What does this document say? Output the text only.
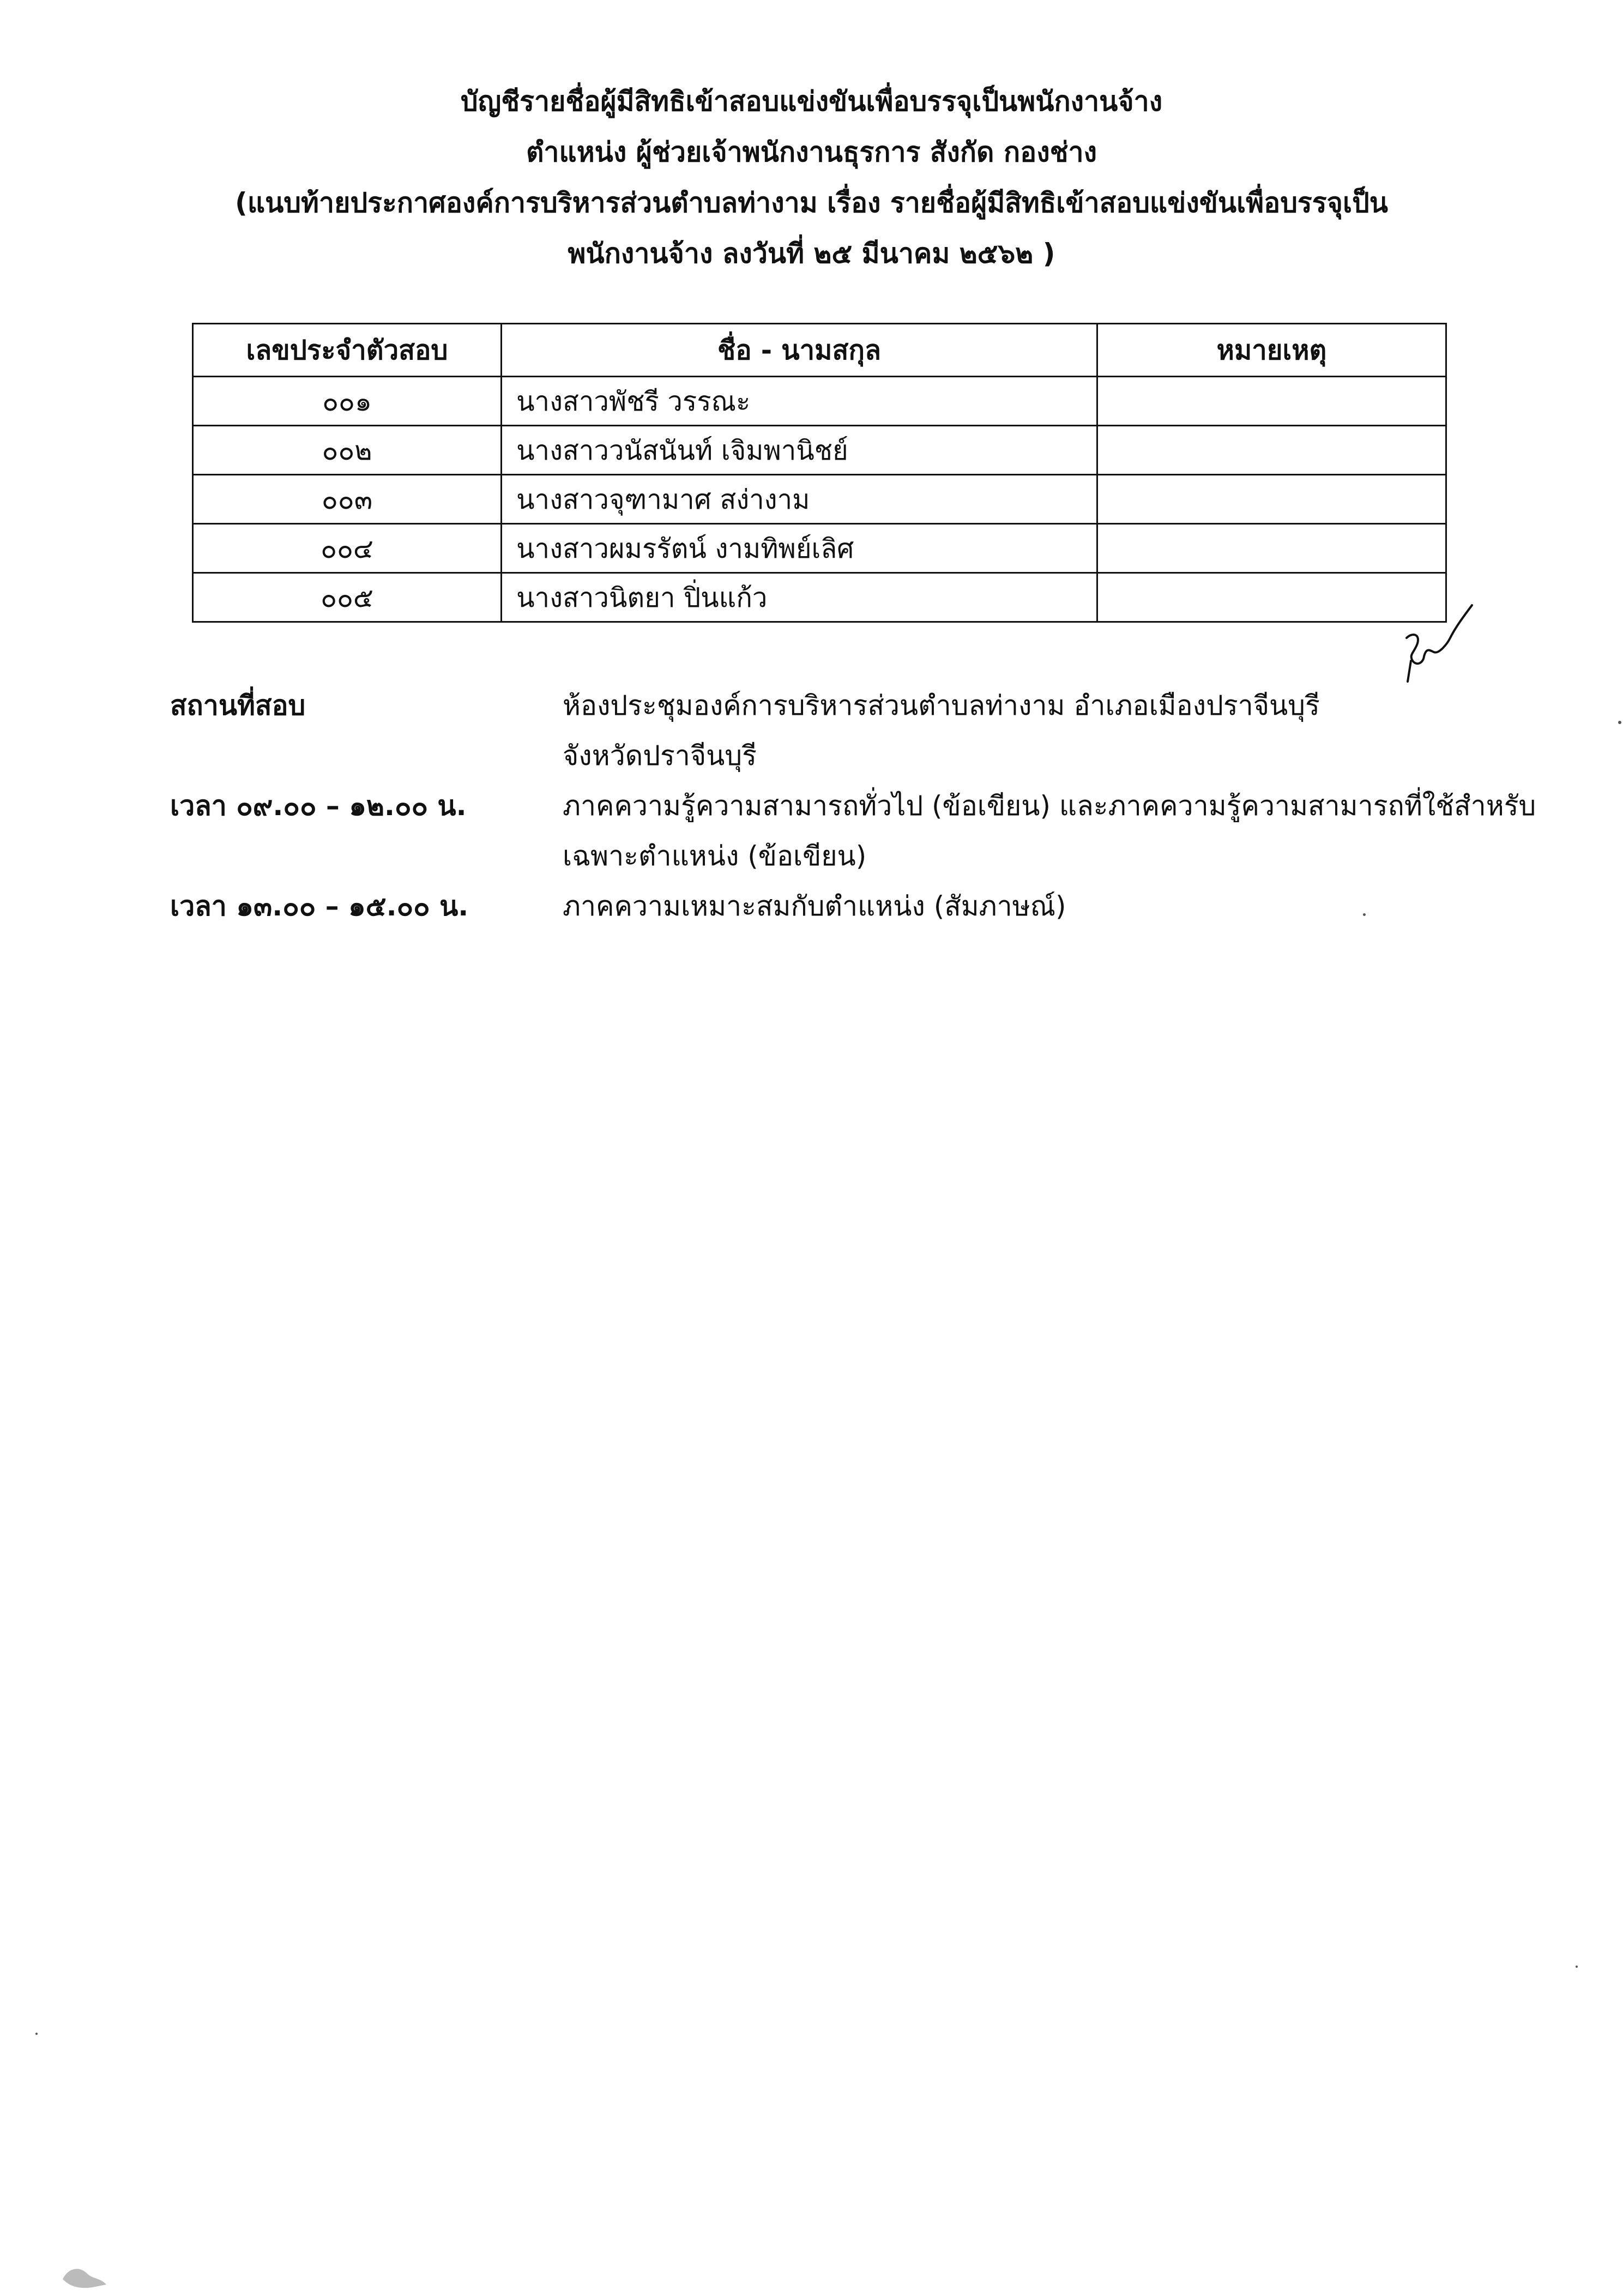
บัญชีรายชื่อผู้มีสิทธิเข้าสอบแข่งขันเพื่อบรรจุเป็นพนักงานจ้าง
ตำแหน่ง ผู้ช่วยเจ้าพนักงานธุรการ สังกัด กองช่าง
(แนบท้ายประกาศองค์การบริหารส่วนตำบลท่างาม เรื่อง รายชื่อผู้มีสิทธิเข้าสอบแข่งขันเพื่อบรรจุเป็น
พนักงานจ้าง ลงวันที่ ๒๕ มีนาคม ๒๕๖๒ )
เลขประจำตัวสอบ	ชื่อ - นามสกุล	หมายเหตุ
๐๐๑	นางสาวพัชรี วรรณะ	
๐๐๒	นางสาววนัสนันท์ เจิมพานิชย์	
๐๐๓	นางสาวจุฑามาศ สง่างาม	
๐๐๔	นางสาวผมรรัตน์ งามทิพย์เลิศ	
๐๐๕	นางสาวนิตยา ปิ่นแก้ว	
สถานที่สอบ	ห้องประชุมองค์การบริหารส่วนตำบลท่างาม อำเภอเมืองปราจีนบุรี
จังหวัดปราจีนบุรี
เวลา ๐๙.๐๐ – ๑๒.๐๐ น.	ภาคความรู้ความสามารถทั่วไป (ข้อเขียน) และภาคความรู้ความสามารถที่ใช้สำหรับ
เฉพาะตำแหน่ง (ข้อเขียน)
เวลา ๑๓.๐๐ – ๑๕.๐๐ น.	ภาคความเหมาะสมกับตำแหน่ง (สัมภาษณ์)
